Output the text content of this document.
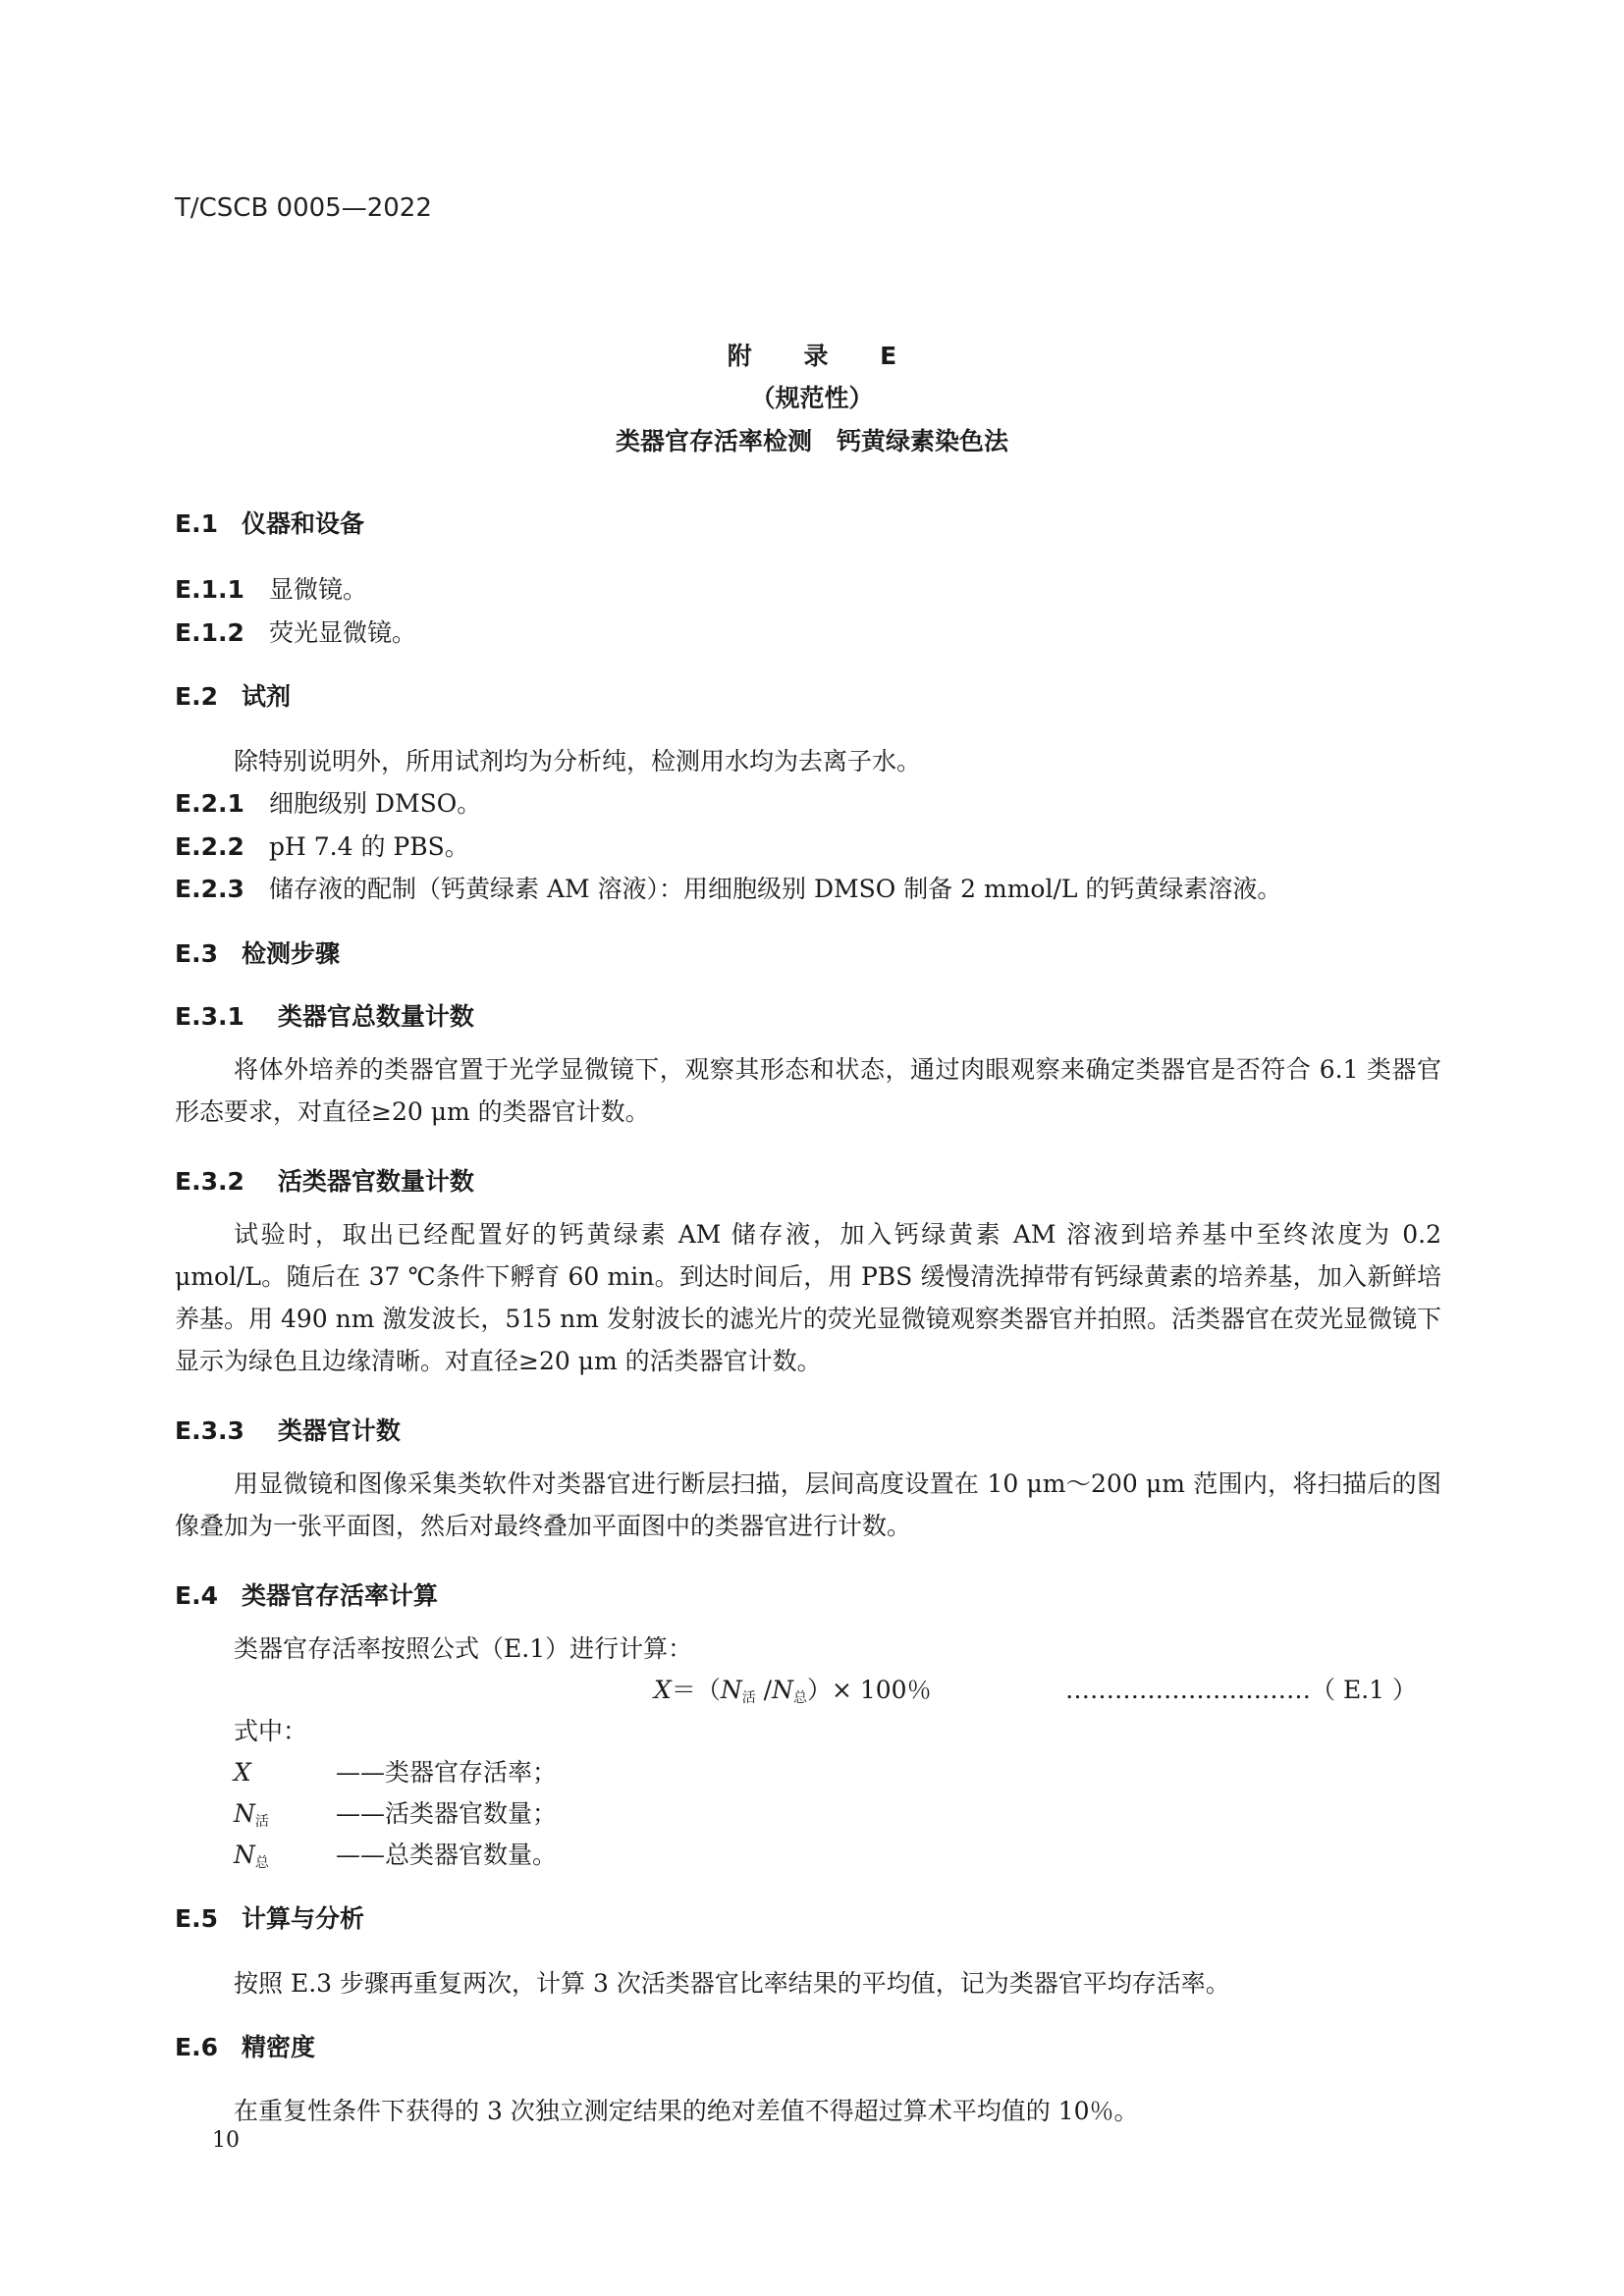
T/CSCB 0005—2022
附 录 E
（规范性）
类器官存活率检测　钙黄绿素染色法
E.1 仪器和设备
E.1.1 显微镜。
E.1.2 荧光显微镜。
E.2 试剂
除特别说明外，所用试剂均为分析纯，检测用水均为去离子水。
E.2.1 细胞级别 DMSO。
E.2.2 pH 7.4 的 PBS。
E.2.3 储存液的配制（钙黄绿素 AM 溶液）：用细胞级别 DMSO 制备 2 mmol/L 的钙黄绿素溶液。
E.3 检测步骤
E.3.1 类器官总数量计数
将体外培养的类器官置于光学显微镜下，观察其形态和状态，通过肉眼观察来确定类器官是否符合 6.1 类器官形态要求，对直径≥20 μm 的类器官计数。
E.3.2 活类器官数量计数
试验时，取出已经配置好的钙黄绿素 AM 储存液，加入钙绿黄素 AM 溶液到培养基中至终浓度为 0.2 μmol/L。随后在 37 ℃条件下孵育 60 min。到达时间后，用 PBS 缓慢清洗掉带有钙绿黄素的培养基，加入新鲜培养基。用 490 nm 激发波长，515 nm 发射波长的滤光片的荧光显微镜观察类器官并拍照。活类器官在荧光显微镜下显示为绿色且边缘清晰。对直径≥20 μm 的活类器官计数。
E.3.3 类器官计数
用显微镜和图像采集类软件对类器官进行断层扫描，层间高度设置在 10 μm～200 μm 范围内，将扫描后的图像叠加为一张平面图，然后对最终叠加平面图中的类器官进行计数。
E.4 类器官存活率计算
类器官存活率按照公式（E.1）进行计算：
$X=(N_活$ $/N_总)\times 100$％	…………………………（ E.1 ）
式中：
X	——类器官存活率；
$N_活$	——活类器官数量；
$N_总$	——总类器官数量。
E.5 计算与分析
按照 E.3 步骤再重复两次，计算 3 次活类器官比率结果的平均值，记为类器官平均存活率。
E.6 精密度
在重复性条件下获得的 3 次独立测定结果的绝对差值不得超过算术平均值的 10％。
10
